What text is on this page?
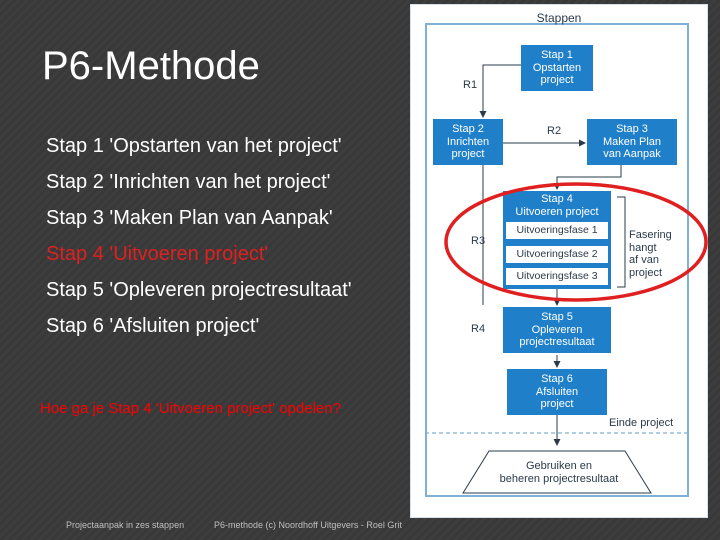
P6-Methode
Stap 1 'Opstarten van het project'
Stap 2 'Inrichten van het project'
Stap 3 'Maken Plan van Aanpak'
Stap 4 'Uitvoeren project'
Stap 5 'Opleveren projectresultaat'
Stap 6 'Afsluiten project'
Hoe ga je Stap 4 'Uitvoeren project' opdelen?
Projectaanpak in zes stappen	P6-methode (c) Noordhoff Uitgevers - Roel Grit
Stappen
Stap 1
Opstarten
project
Stap 2
Inrichten
project
Stap 3
Maken Plan
van Aanpak
Stap 4
Uitvoeren project
Uitvoeringsfase 1
Uitvoeringsfase 2
Uitvoeringsfase 3
Stap 5
Opleveren
projectresultaat
Stap 6
Afsluiten
project
R1
R2
R3
R4
Fasering
hangt
af van
project
Einde project
Gebruiken en
beheren projectresultaat
